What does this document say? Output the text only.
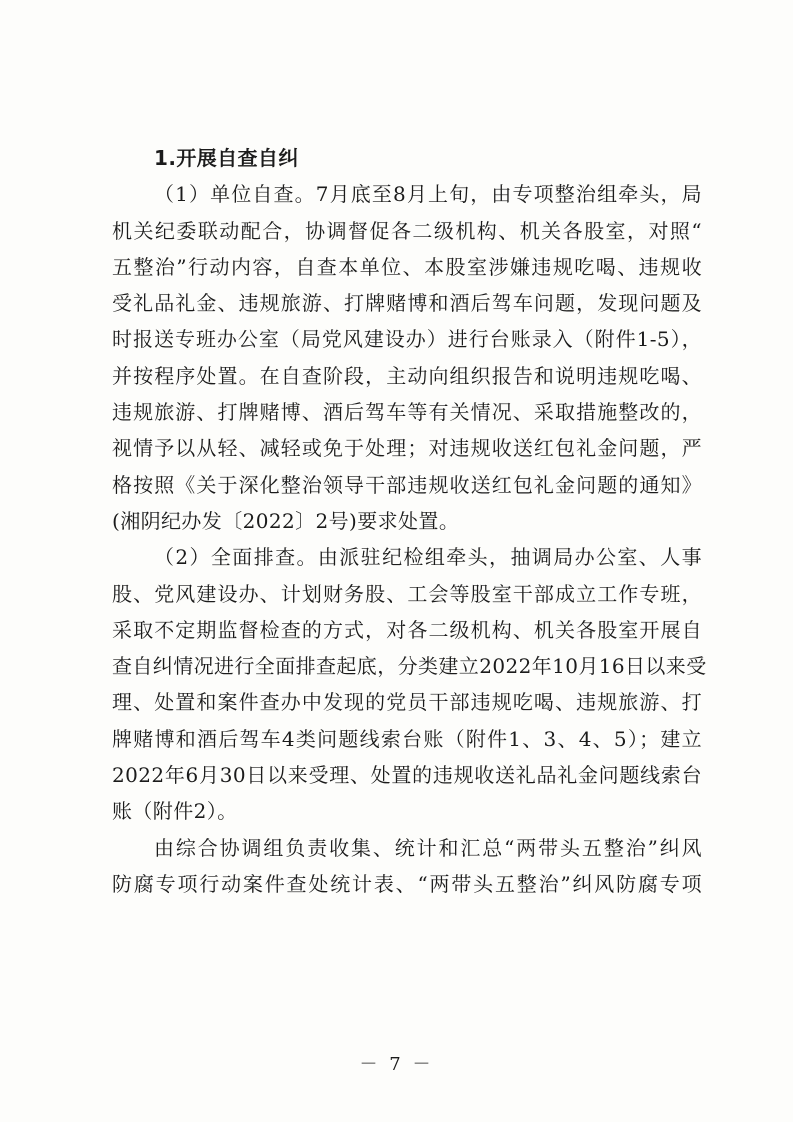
1.开展自查自纠
（1）单位自查。7月底至8月上旬，由专项整治组牵头，局
机关纪委联动配合，协调督促各二级机构、机关各股室，对照“
五整治”行动内容，自查本单位、本股室涉嫌违规吃喝、违规收
受礼品礼金、违规旅游、打牌赌博和酒后驾车问题，发现问题及
时报送专班办公室（局党风建设办）进行台账录入（附件1-5），
并按程序处置。在自查阶段，主动向组织报告和说明违规吃喝、
违规旅游、打牌赌博、酒后驾车等有关情况、采取措施整改的，
视情予以从轻、减轻或免于处理；对违规收送红包礼金问题，严
格按照《关于深化整治领导干部违规收送红包礼金问题的通知》
(湘阴纪办发〔2022〕2号)要求处置。
（2）全面排查。由派驻纪检组牵头，抽调局办公室、人事
股、党风建设办、计划财务股、工会等股室干部成立工作专班，
采取不定期监督检查的方式，对各二级机构、机关各股室开展自
查自纠情况进行全面排查起底，分类建立2022年10月16日以来受
理、处置和案件查办中发现的党员干部违规吃喝、违规旅游、打
牌赌博和酒后驾车4类问题线索台账（附件1、3、4、5）；建立
2022年6月30日以来受理、处置的违规收送礼品礼金问题线索台
账（附件2）。
由综合协调组负责收集、统计和汇总“两带头五整治”纠风
防腐专项行动案件查处统计表、“两带头五整治”纠风防腐专项
－ 7 －
